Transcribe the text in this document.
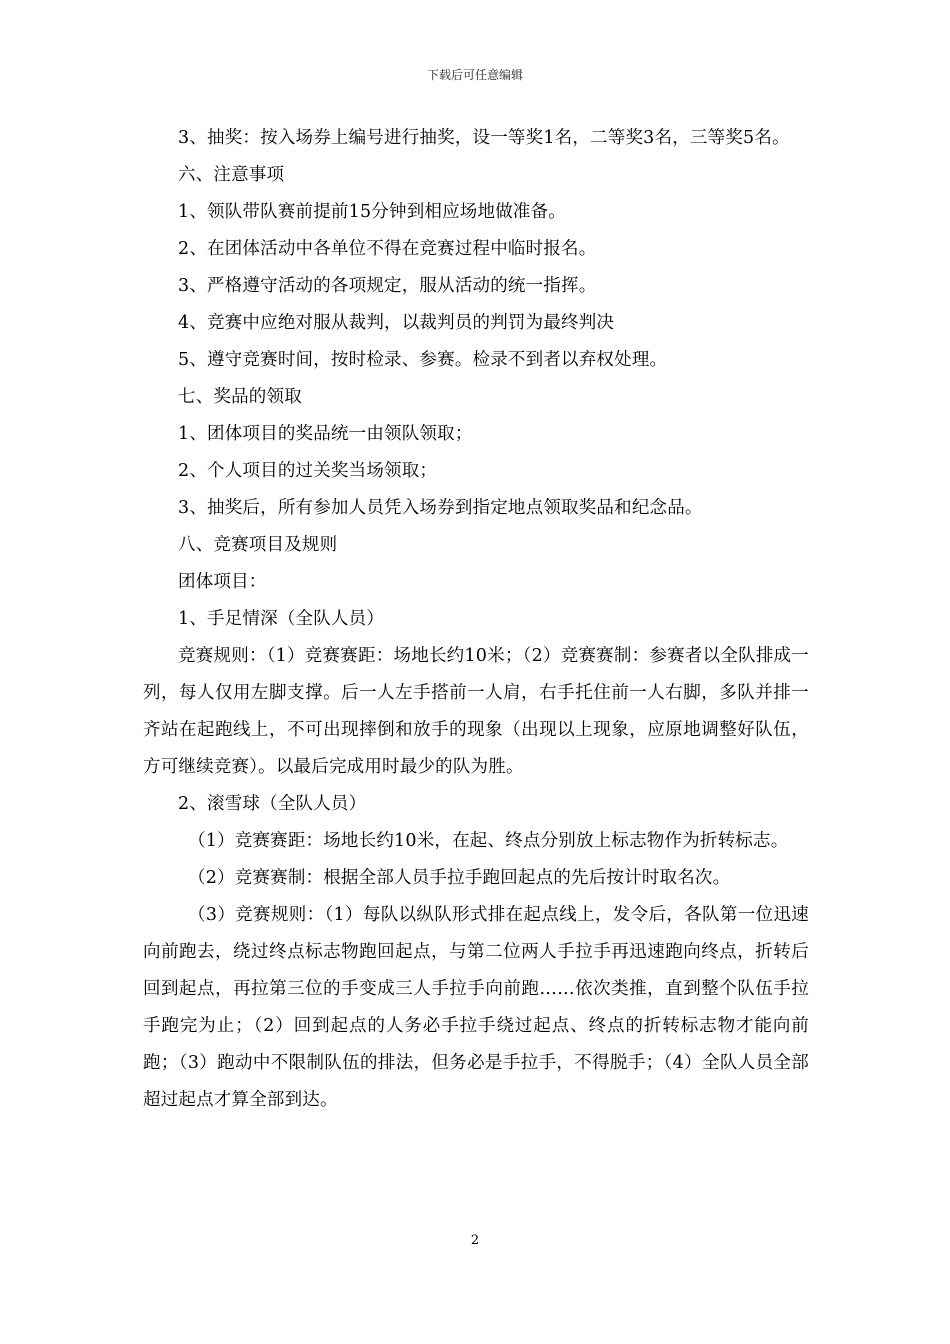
下载后可任意编辑

3、抽奖：按入场券上编号进行抽奖，设一等奖1名，二等奖3名，三等奖5名。

六、注意事项

1、领队带队赛前提前15分钟到相应场地做准备。

2、在团体活动中各单位不得在竞赛过程中临时报名。

3、严格遵守活动的各项规定，服从活动的统一指挥。

4、竞赛中应绝对服从裁判，以裁判员的判罚为最终判决

5、遵守竞赛时间，按时检录、参赛。检录不到者以弃权处理。

七、奖品的领取

1、团体项目的奖品统一由领队领取；

2、个人项目的过关奖当场领取；

3、抽奖后，所有参加人员凭入场券到指定地点领取奖品和纪念品。

八、竞赛项目及规则

团体项目：

1、手足情深（全队人员）

竞赛规则：（1）竞赛赛距：场地长约10米；（2）竞赛赛制：参赛者以全队排成一列，每人仅用左脚支撑。后一人左手搭前一人肩，右手托住前一人右脚，多队并排一齐站在起跑线上，不可出现摔倒和放手的现象（出现以上现象，应原地调整好队伍，方可继续竞赛）。以最后完成用时最少的队为胜。

2、滚雪球（全队人员）

（1）竞赛赛距：场地长约10米，在起、终点分别放上标志物作为折转标志。

（2）竞赛赛制：根据全部人员手拉手跑回起点的先后按计时取名次。

（3）竞赛规则：（1）每队以纵队形式排在起点线上，发令后，各队第一位迅速向前跑去，绕过终点标志物跑回起点，与第二位两人手拉手再迅速跑向终点，折转后回到起点，再拉第三位的手变成三人手拉手向前跑……依次类推，直到整个队伍手拉手跑完为止；（2）回到起点的人务必手拉手绕过起点、终点的折转标志物才能向前跑；（3）跑动中不限制队伍的排法，但务必是手拉手，不得脱手；（4）全队人员全部超过起点才算全部到达。

2
